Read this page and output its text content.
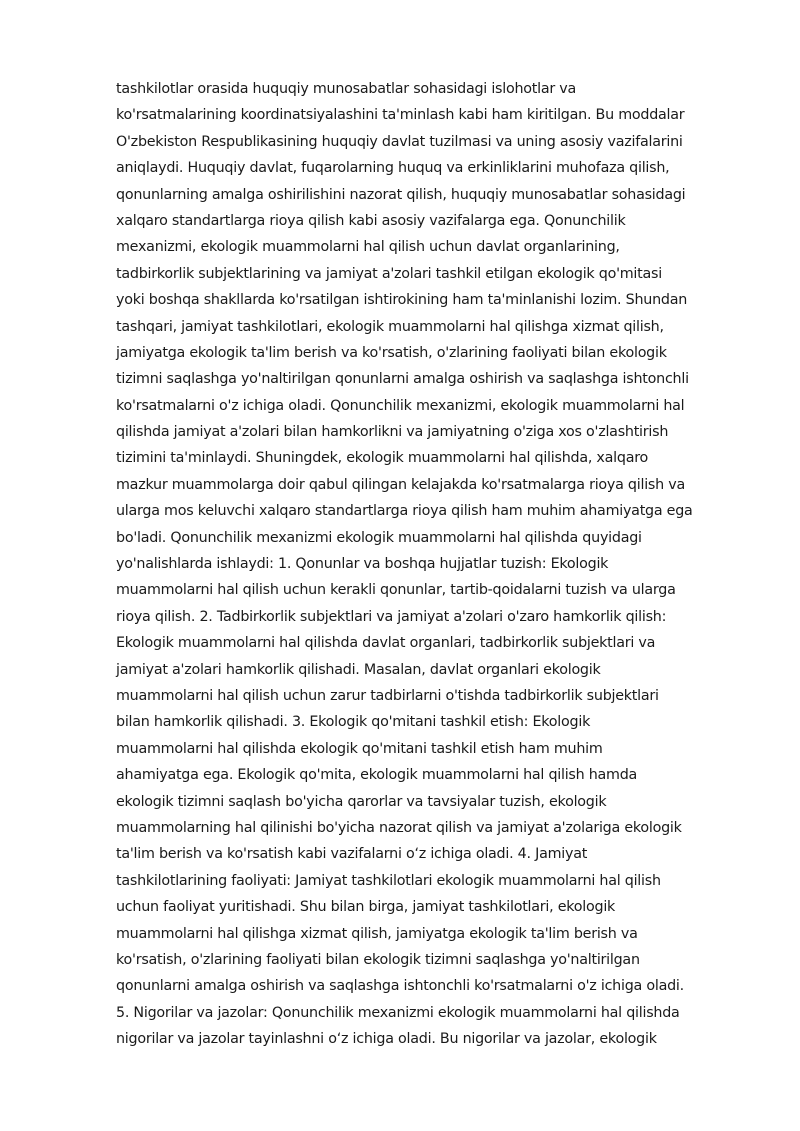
tashkilotlar orasida huquqiy munosabatlar sohasidagi islohotlar va
ko'rsatmalarining koordinatsiyalashini ta'minlash kabi ham kiritilgan. Bu moddalar
O'zbekiston Respublikasining huquqiy davlat tuzilmasi va uning asosiy vazifalarini
aniqlaydi. Huquqiy davlat, fuqarolarning huquq va erkinliklarini muhofaza qilish,
qonunlarning amalga oshirilishini nazorat qilish, huquqiy munosabatlar sohasidagi
xalqaro standartlarga rioya qilish kabi asosiy vazifalarga ega. Qonunchilik
mexanizmi, ekologik muammolarni hal qilish uchun davlat organlarining,
tadbirkorlik subjektlarining va jamiyat a'zolari tashkil etilgan ekologik qo'mitasi
yoki boshqa shakllarda ko'rsatilgan ishtirokining ham ta'minlanishi lozim. Shundan
tashqari, jamiyat tashkilotlari, ekologik muammolarni hal qilishga xizmat qilish,
jamiyatga ekologik ta'lim berish va ko'rsatish, o'zlarining faoliyati bilan ekologik
tizimni saqlashga yo'naltirilgan qonunlarni amalga oshirish va saqlashga ishtonchli
ko'rsatmalarni o'z ichiga oladi. Qonunchilik mexanizmi, ekologik muammolarni hal
qilishda jamiyat a'zolari bilan hamkorlikni va jamiyatning o'ziga xos o'zlashtirish
tizimini ta'minlaydi. Shuningdek, ekologik muammolarni hal qilishda, xalqaro
mazkur muammolarga doir qabul qilingan kelajakda ko'rsatmalarga rioya qilish va
ularga mos keluvchi xalqaro standartlarga rioya qilish ham muhim ahamiyatga ega
bo'ladi. Qonunchilik mexanizmi ekologik muammolarni hal qilishda quyidagi
yo'nalishlarda ishlaydi: 1. Qonunlar va boshqa hujjatlar tuzish: Ekologik
muammolarni hal qilish uchun kerakli qonunlar, tartib-qoidalarni tuzish va ularga
rioya qilish. 2. Tadbirkorlik subjektlari va jamiyat a'zolari o'zaro hamkorlik qilish:
Ekologik muammolarni hal qilishda davlat organlari, tadbirkorlik subjektlari va
jamiyat a'zolari hamkorlik qilishadi. Masalan, davlat organlari ekologik
muammolarni hal qilish uchun zarur tadbirlarni o'tishda tadbirkorlik subjektlari
bilan hamkorlik qilishadi. 3. Ekologik qo'mitani tashkil etish: Ekologik
muammolarni hal qilishda ekologik qo'mitani tashkil etish ham muhim
ahamiyatga ega. Ekologik qo'mita, ekologik muammolarni hal qilish hamda
ekologik tizimni saqlash bo'yicha qarorlar va tavsiyalar tuzish, ekologik
muammolarning hal qilinishi bo'yicha nazorat qilish va jamiyat a'zolariga ekologik
ta'lim berish va ko'rsatish kabi vazifalarni o‘z ichiga oladi. 4. Jamiyat
tashkilotlarining faoliyati: Jamiyat tashkilotlari ekologik muammolarni hal qilish
uchun faoliyat yuritishadi. Shu bilan birga, jamiyat tashkilotlari, ekologik
muammolarni hal qilishga xizmat qilish, jamiyatga ekologik ta'lim berish va
ko'rsatish, o'zlarining faoliyati bilan ekologik tizimni saqlashga yo'naltirilgan
qonunlarni amalga oshirish va saqlashga ishtonchli ko'rsatmalarni o'z ichiga oladi.
5. Nigorilar va jazolar: Qonunchilik mexanizmi ekologik muammolarni hal qilishda
nigorilar va jazolar tayinlashni o‘z ichiga oladi. Bu nigorilar va jazolar, ekologik
